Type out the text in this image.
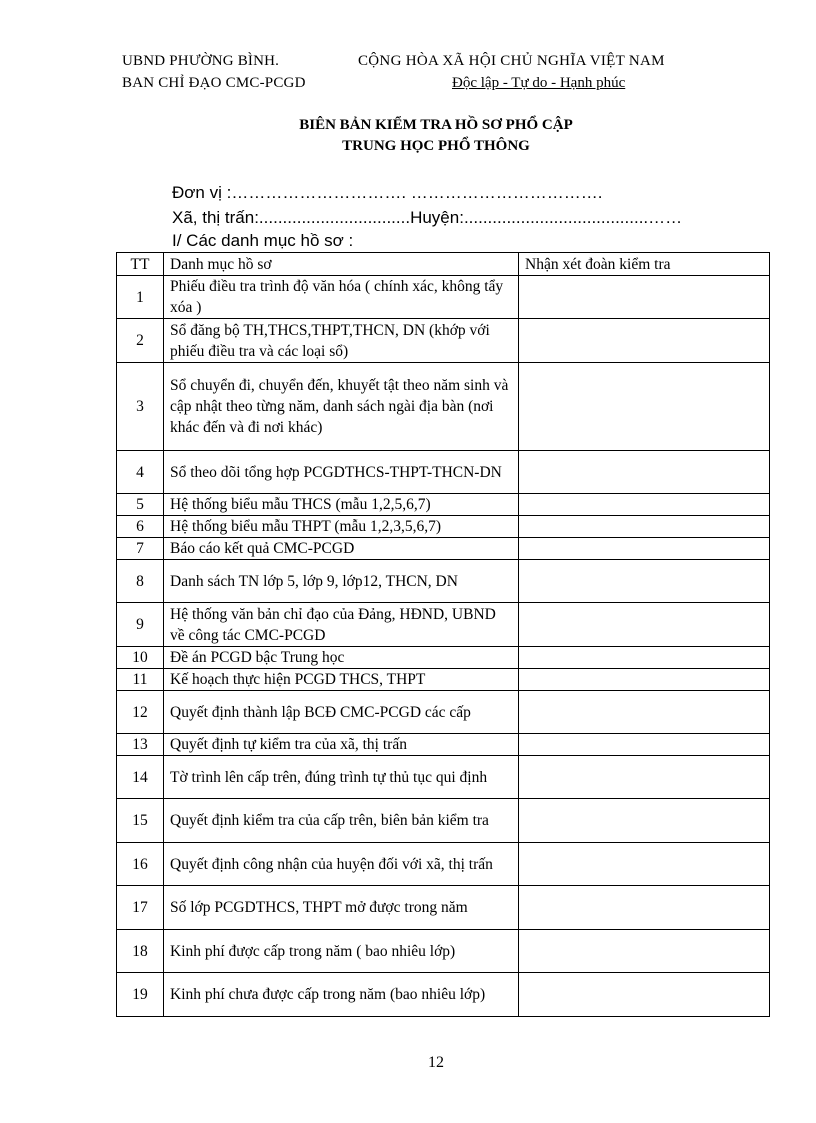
UBND PHƯỜNG BÌNH.
BAN CHỈ ĐẠO CMC-PCGD
CỘNG HÒA XÃ HỘI CHỦ NGHĨA VIỆT NAM
Độc lập - Tự do - Hạnh phúc
BIÊN BẢN KIỂM TRA HỒ SƠ PHỔ CẬP
TRUNG HỌC PHỔ THÔNG
Đơn vị :…………………………. …………………………….
Xã, thị trấn:................................Huyện:.......................................……
I/ Các danh mục hồ sơ :
TT	Danh mục hồ sơ	Nhận xét đoàn kiểm tra
1	Phiếu điều tra trình độ văn hóa ( chính xác, không tẩy xóa )	
2	Sổ đăng bộ TH,THCS,THPT,THCN, DN (khớp với phiếu điều tra và các loại sổ)	
3	Sổ chuyển đi, chuyển đến, khuyết tật theo năm sinh và cập nhật theo từng năm, danh sách ngài địa bàn (nơi khác đến và đi nơi khác)	
4	Sổ theo dõi tổng hợp PCGDTHCS-THPT-THCN-DN	
5	Hệ thống biểu mẫu THCS (mẫu 1,2,5,6,7)	
6	Hệ thống biểu mẫu THPT (mẫu 1,2,3,5,6,7)	
7	Báo cáo kết quả CMC-PCGD	
8	Danh sách TN lớp 5, lớp 9, lớp12, THCN, DN	
9	Hệ thống văn bản chỉ đạo của Đảng, HĐND, UBND về công tác CMC-PCGD	
10	Đề án PCGD bậc Trung học	
11	Kế hoạch thực hiện PCGD THCS, THPT	
12	Quyết định thành lập BCĐ CMC-PCGD các cấp	
13	Quyết định tự kiểm tra của xã, thị trấn	
14	Tờ trình lên cấp trên, đúng trình tự thủ tục qui định	
15	Quyết định kiểm tra của cấp trên, biên bản kiểm tra	
16	Quyết định công nhận của huyện đối với xã, thị trấn	
17	Số lớp PCGDTHCS, THPT mở được trong năm	
18	Kinh phí được cấp trong năm ( bao nhiêu lớp)	
19	Kinh phí chưa được cấp trong năm (bao nhiêu lớp)	
12
